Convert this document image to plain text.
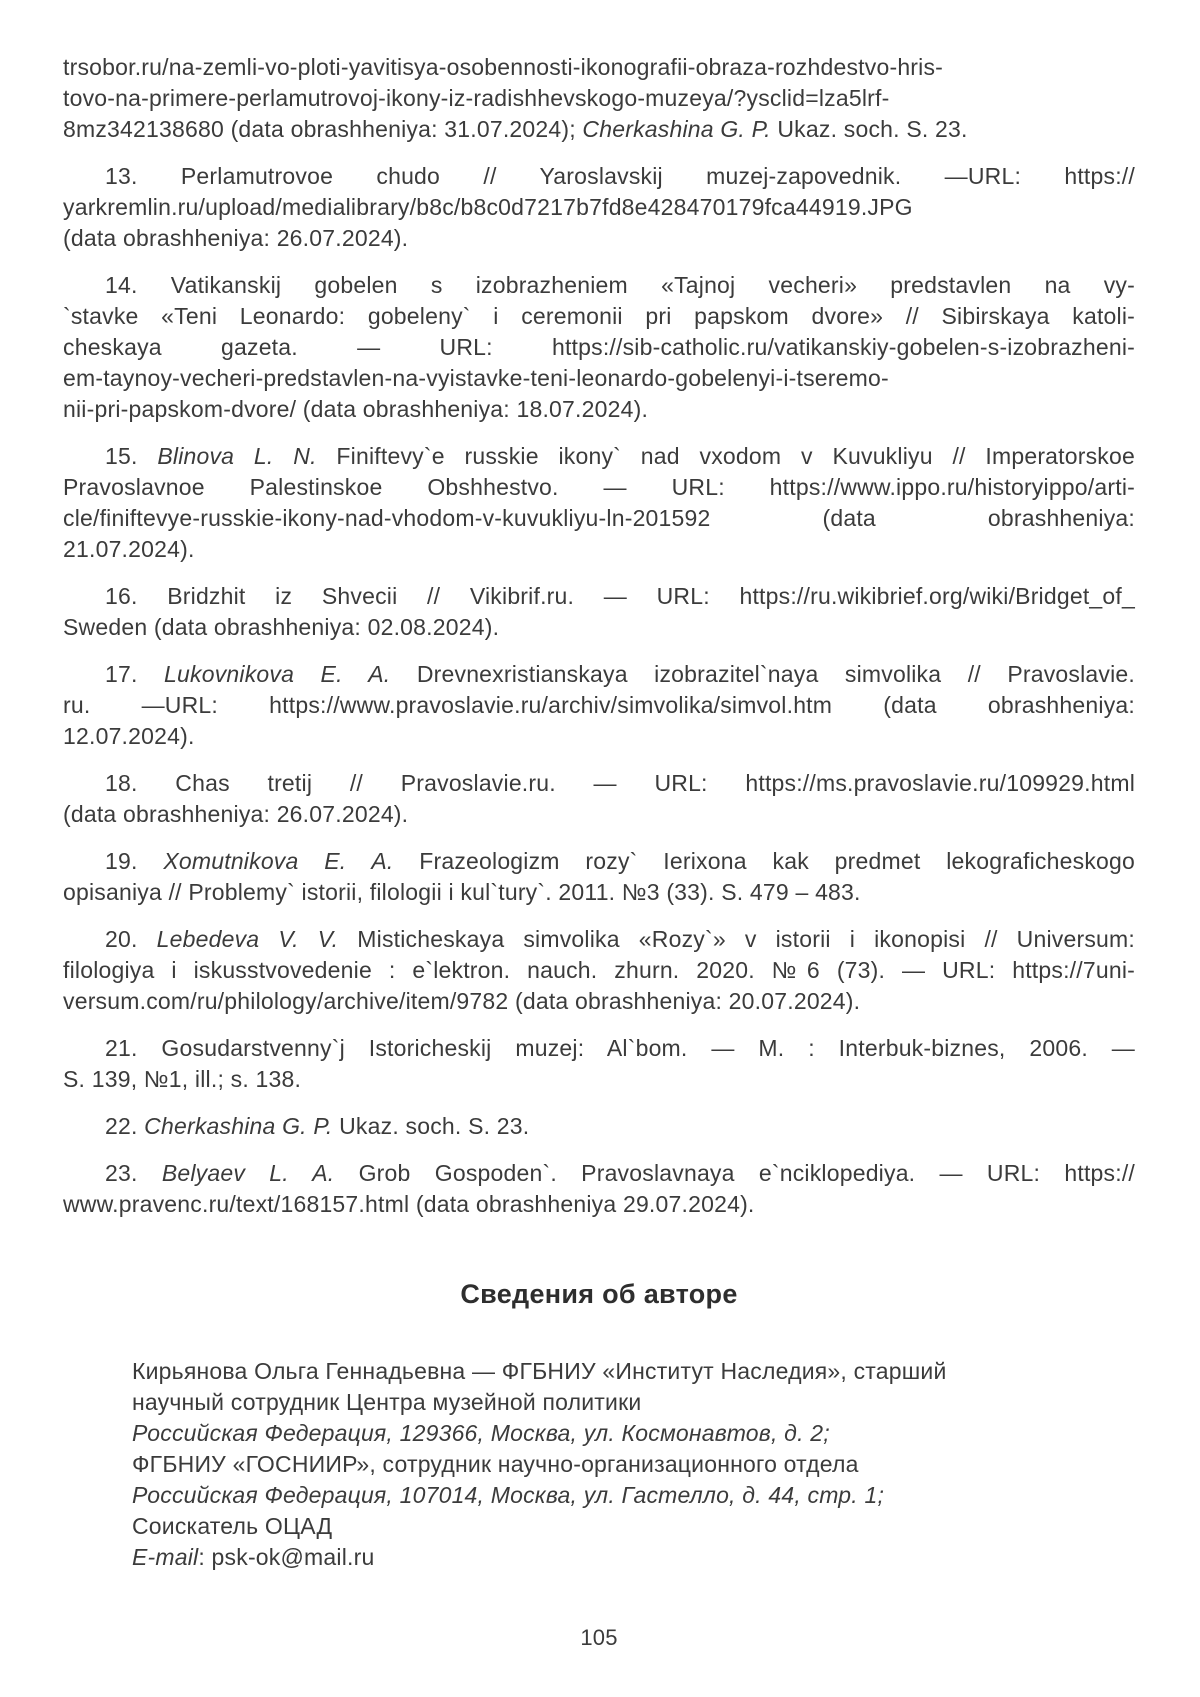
trsobor.ru/na-zemli-vo-ploti-yavitisya-osobennosti-ikonografii-obraza-rozhdestvo-hris-
tovo-na-primere-perlamutrovoj-ikony-iz-radishhevskogo-muzeya/?ysclid=lza5lrf-
8mz342138680 (data obrashheniya: 31.07.2024); Cherkashina G. P. Ukaz. soch. S. 23.
13. Perlamutrovoe chudo // Yaroslavskij muzej-zapovednik. —URL: https://
yarkremlin.ru/upload/medialibrary/b8c/b8c0d7217b7fd8e428470179fca44919.JPG
(data obrashheniya: 26.07.2024).
14. Vatikanskij gobelen s izobrazheniem «Tajnoj vecheri» predstavlen na vy-
`stavke «Teni Leonardo: gobeleny` i ceremonii pri papskom dvore» // Sibirskaya katoli-
cheskaya gazeta. — URL: https://sib-catholic.ru/vatikanskiy-gobelen-s-izobrazheni-
em-taynoy-vecheri-predstavlen-na-vyistavke-teni-leonardo-gobelenyi-i-tseremo-
nii-pri-papskom-dvore/ (data obrashheniya: 18.07.2024).
15. Blinova L. N. Finiftevy`e russkie ikony` nad vxodom v Kuvukliyu // Imperatorskoe
Pravoslavnoe Palestinskoe Obshhestvo. — URL: https://www.ippo.ru/historyippo/arti-
cle/finiftevye-russkie-ikony-nad-vhodom-v-kuvukliyu-ln-201592 (data obrashheniya:
21.07.2024).
16. Bridzhit iz Shvecii // Vikibrif.ru. — URL: https://ru.wikibrief.org/wiki/Bridget_of_
Sweden (data obrashheniya: 02.08.2024).
17. Lukovnikova E. A. Drevnexristianskaya izobrazitel`naya simvolika // Pravoslavie.
ru. —URL: https://www.pravoslavie.ru/archiv/simvolika/simvol.htm (data obrashheniya:
12.07.2024).
18. Chas tretij // Pravoslavie.ru. — URL: https://ms.pravoslavie.ru/109929.html
(data obrashheniya: 26.07.2024).
19. Xomutnikova E. A. Frazeologizm rozy` Ierixona kak predmet lekograficheskogo
opisaniya // Problemy` istorii, filologii i kul`tury`. 2011. №3 (33). S. 479 – 483.
20. Lebedeva V. V. Misticheskaya simvolika «Rozy`» v istorii i ikonopisi // Universum:
filologiya i iskusstvovedenie : e`lektron. nauch. zhurn. 2020. №6 (73). — URL: https://7uni-
versum.com/ru/philology/archive/item/9782 (data obrashheniya: 20.07.2024).
21. Gosudarstvenny`j Istoricheskij muzej: Al`bom. — M. : Interbuk-biznes, 2006. —
S. 139, №1, ill.; s. 138.
22. Cherkashina G. P. Ukaz. soch. S. 23.
23. Belyaev L. A. Grob Gospoden`. Pravoslavnaya e`nciklopediya. — URL: https://
www.pravenc.ru/text/168157.html (data obrashheniya 29.07.2024).
Сведения об авторе
Кирьянова Ольга Геннадьевна — ФГБНИУ «Институт Наследия», старший
научный сотрудник Центра музейной политики
Российская Федерация, 129366, Москва, ул. Космонавтов, д. 2;
ФГБНИУ «ГОСНИИР», сотрудник научно-организационного отдела
Российская Федерация, 107014, Москва, ул. Гастелло, д. 44, стр. 1;
Соискатель ОЦАД
E-mail: psk-ok@mail.ru
105
